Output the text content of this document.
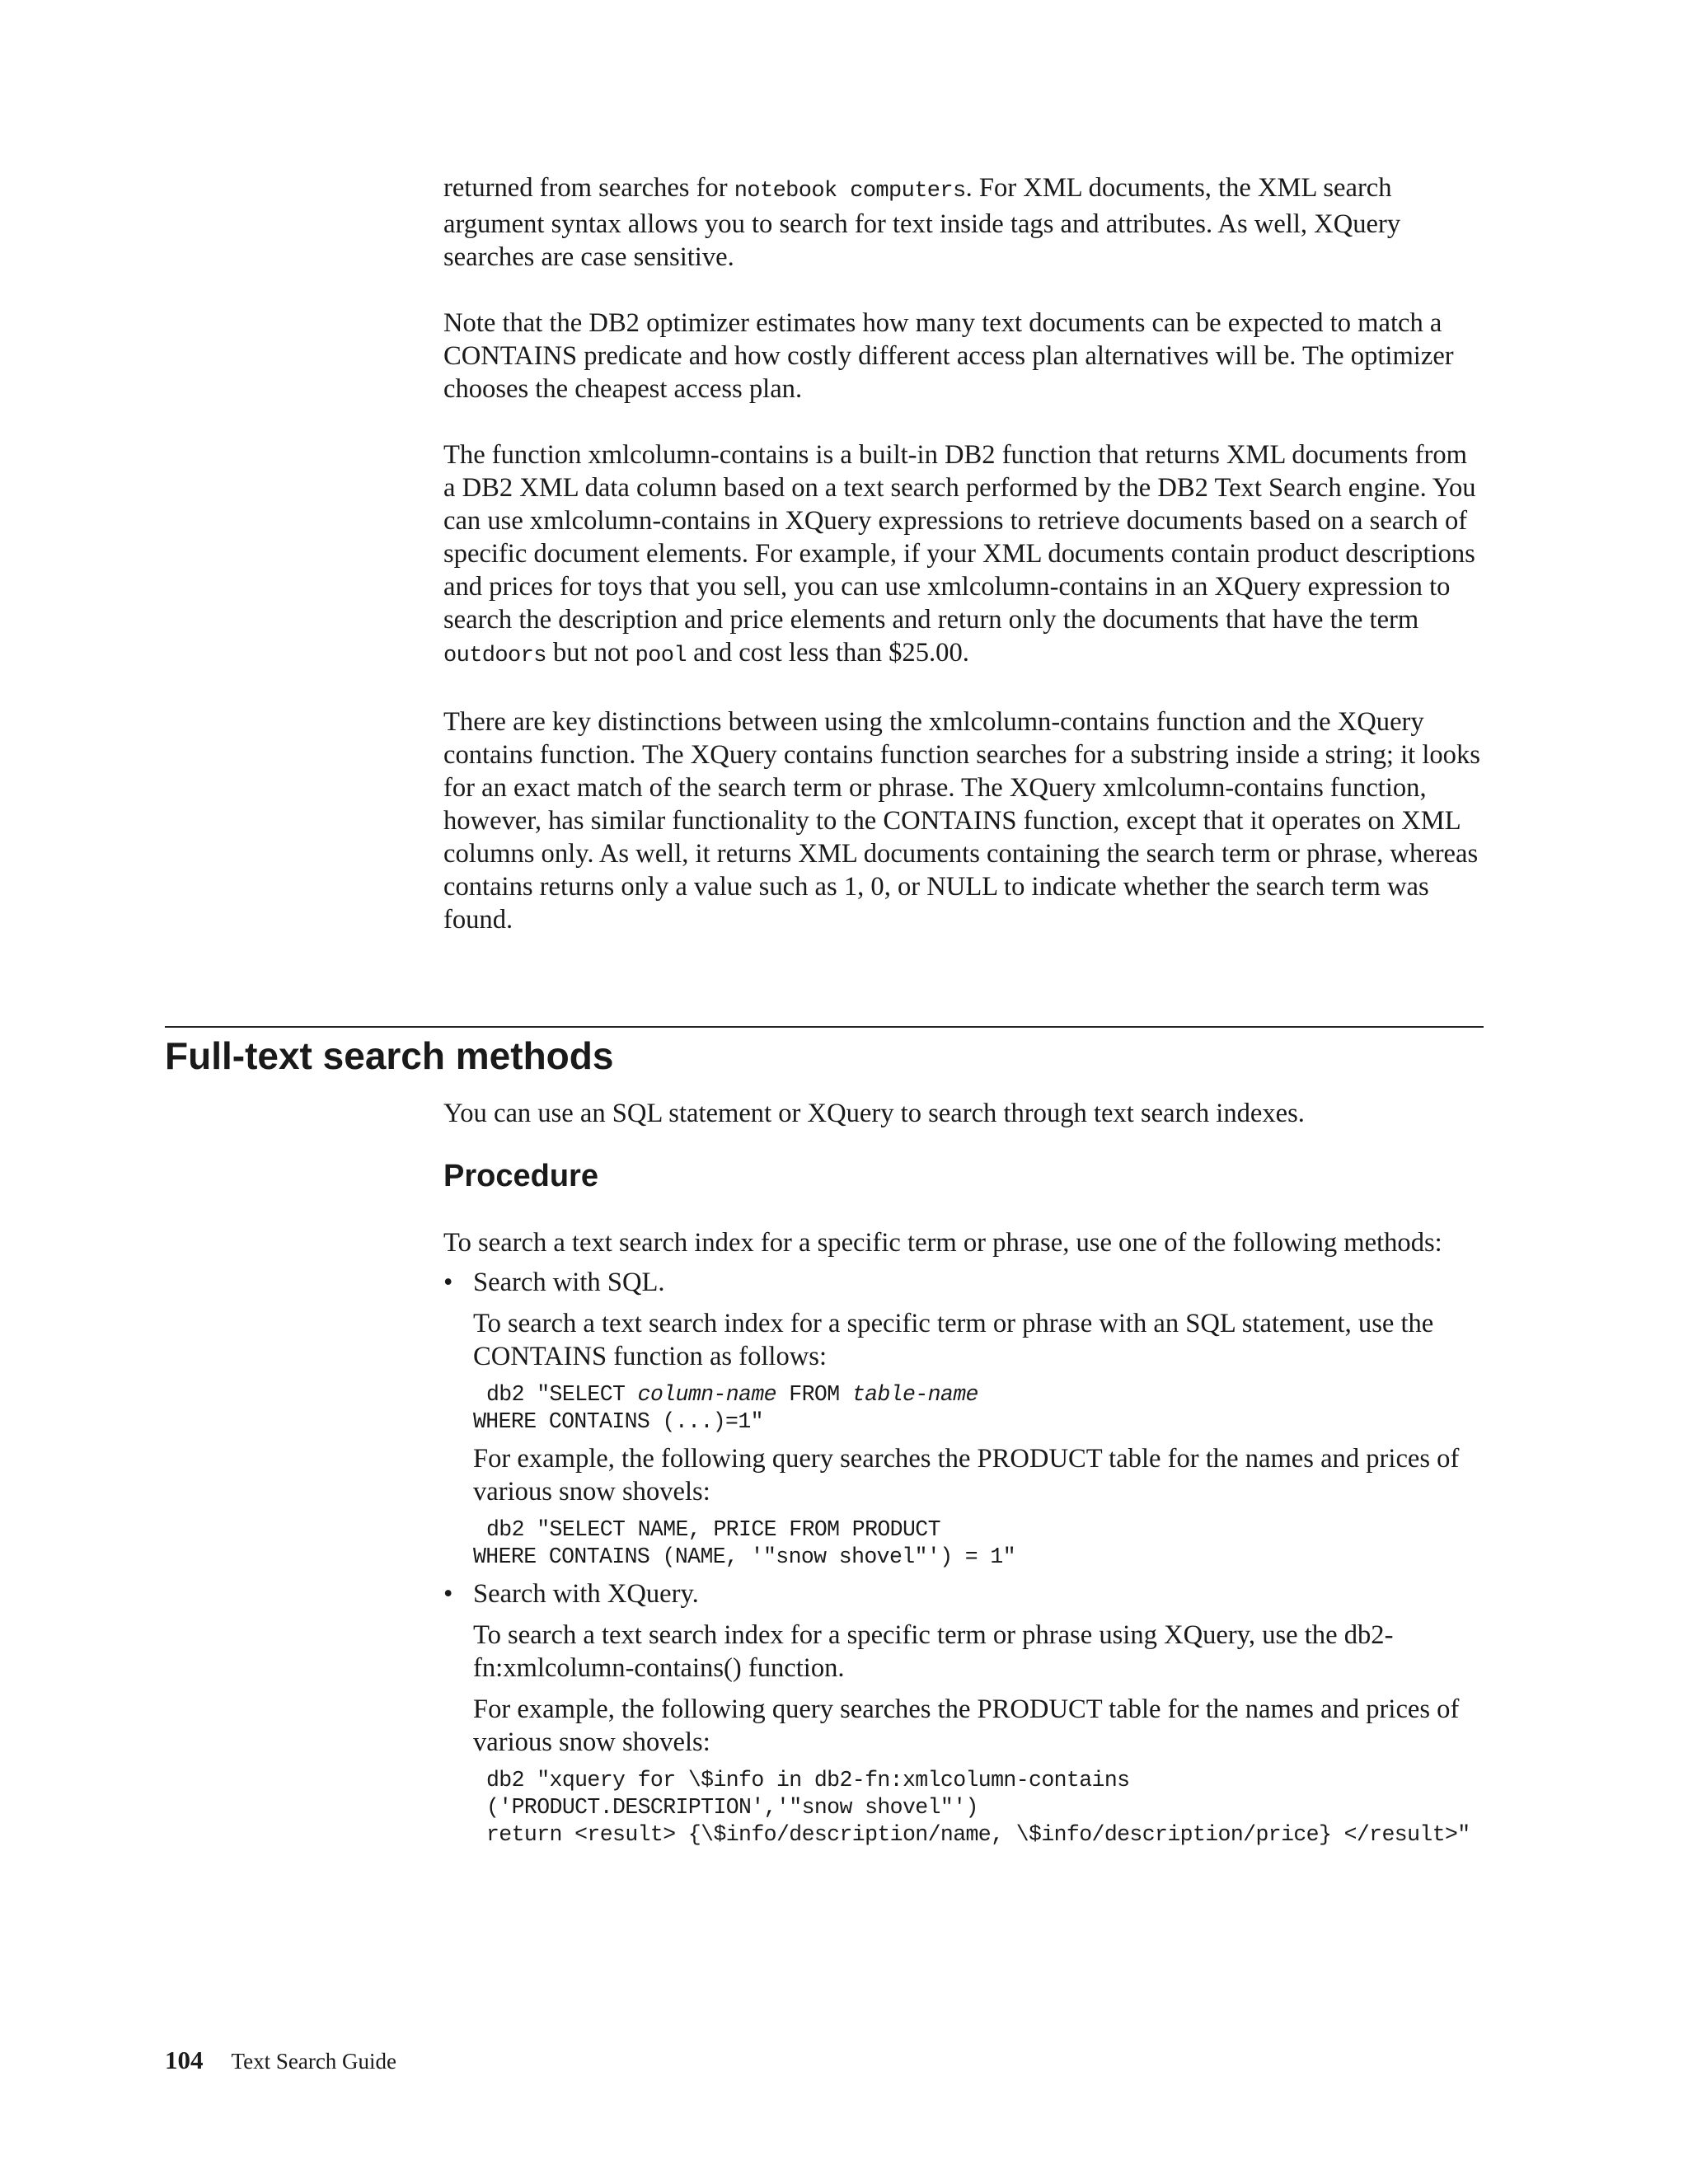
returned from searches for notebook computers. For XML documents, the XML search argument syntax allows you to search for text inside tags and attributes. As well, XQuery searches are case sensitive.

Note that the DB2 optimizer estimates how many text documents can be expected to match a CONTAINS predicate and how costly different access plan alternatives will be. The optimizer chooses the cheapest access plan.

The function xmlcolumn-contains is a built-in DB2 function that returns XML documents from a DB2 XML data column based on a text search performed by the DB2 Text Search engine. You can use xmlcolumn-contains in XQuery expressions to retrieve documents based on a search of specific document elements. For example, if your XML documents contain product descriptions and prices for toys that you sell, you can use xmlcolumn-contains in an XQuery expression to search the description and price elements and return only the documents that have the term outdoors but not pool and cost less than $25.00.

There are key distinctions between using the xmlcolumn-contains function and the XQuery contains function. The XQuery contains function searches for a substring inside a string; it looks for an exact match of the search term or phrase. The XQuery xmlcolumn-contains function, however, has similar functionality to the CONTAINS function, except that it operates on XML columns only. As well, it returns XML documents containing the search term or phrase, whereas contains returns only a value such as 1, 0, or NULL to indicate whether the search term was found.

Full-text search methods

You can use an SQL statement or XQuery to search through text search indexes.

Procedure

To search a text search index for a specific term or phrase, use one of the following methods:

• Search with SQL.

To search a text search index for a specific term or phrase with an SQL statement, use the CONTAINS function as follows:

db2 "SELECT column-name FROM table-name
WHERE CONTAINS (...)=1"

For example, the following query searches the PRODUCT table for the names and prices of various snow shovels:

db2 "SELECT NAME, PRICE FROM PRODUCT
WHERE CONTAINS (NAME, '"snow shovel"') = 1"
• Search with XQuery.

To search a text search index for a specific term or phrase using XQuery, use the db2-fn:xmlcolumn-contains() function.

For example, the following query searches the PRODUCT table for the names and prices of various snow shovels:

db2 "xquery for \$info in db2-fn:xmlcolumn-contains
('PRODUCT.DESCRIPTION','"snow shovel"')
return <result> {\$info/description/name, \$info/description/price} </result>"
104 Text Search Guide
